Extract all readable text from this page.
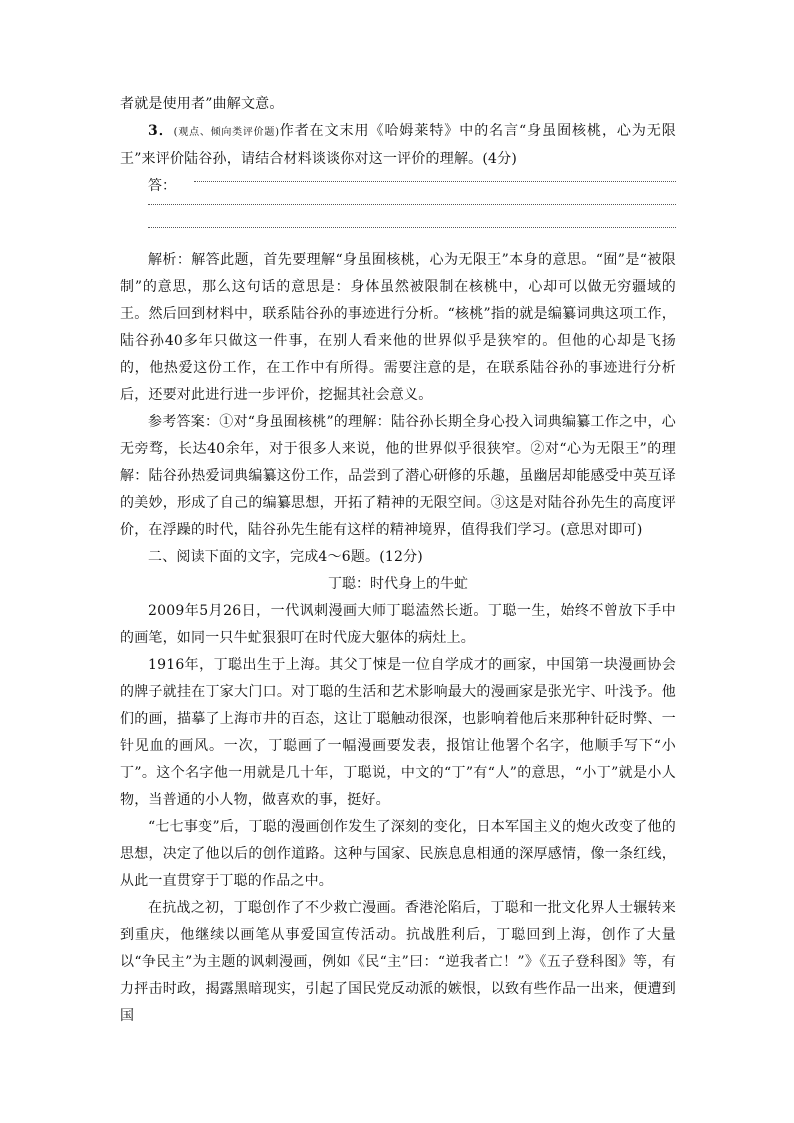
者就是使用者”曲解文意。

3．(观点、倾向类评价题)作者在文末用《哈姆莱特》中的名言“身虽囿核桃，心为无限王”来评价陆谷孙，请结合材料谈谈你对这一评价的理解。(4分)

答：

解析：解答此题，首先要理解“身虽囿核桃，心为无限王”本身的意思。“囿”是“被限制”的意思，那么这句话的意思是：身体虽然被限制在核桃中，心却可以做无穷疆域的王。然后回到材料中，联系陆谷孙的事迹进行分析。“核桃”指的就是编纂词典这项工作，陆谷孙40多年只做这一件事，在别人看来他的世界似乎是狭窄的。但他的心却是飞扬的，他热爱这份工作，在工作中有所得。需要注意的是，在联系陆谷孙的事迹进行分析后，还要对此进行进一步评价，挖掘其社会意义。

参考答案：①对“身虽囿核桃”的理解：陆谷孙长期全身心投入词典编纂工作之中，心无旁骛，长达40余年，对于很多人来说，他的世界似乎很狭窄。②对“心为无限王”的理解：陆谷孙热爱词典编纂这份工作，品尝到了潜心研修的乐趣，虽幽居却能感受中英互译的美妙，形成了自己的编纂思想，开拓了精神的无限空间。③这是对陆谷孙先生的高度评价，在浮躁的时代，陆谷孙先生能有这样的精神境界，值得我们学习。(意思对即可)

二、阅读下面的文字，完成4～6题。(12分)

丁聪：时代身上的牛虻

2009年5月26日，一代讽刺漫画大师丁聪溘然长逝。丁聪一生，始终不曾放下手中的画笔，如同一只牛虻狠狠叮在时代庞大躯体的病灶上。

1916年，丁聪出生于上海。其父丁悚是一位自学成才的画家，中国第一块漫画协会的牌子就挂在丁家大门口。对丁聪的生活和艺术影响最大的漫画家是张光宇、叶浅予。他们的画，描摹了上海市井的百态，这让丁聪触动很深，也影响着他后来那种针砭时弊、一针见血的画风。一次，丁聪画了一幅漫画要发表，报馆让他署个名字，他顺手写下“小丁”。这个名字他一用就是几十年，丁聪说，中文的“丁”有“人”的意思，“小丁”就是小人物，当普通的小人物，做喜欢的事，挺好。

“七七事变”后，丁聪的漫画创作发生了深刻的变化，日本军国主义的炮火改变了他的思想，决定了他以后的创作道路。这种与国家、民族息息相通的深厚感情，像一条红线，从此一直贯穿于丁聪的作品之中。

在抗战之初，丁聪创作了不少救亡漫画。香港沦陷后，丁聪和一批文化界人士辗转来到重庆，他继续以画笔从事爱国宣传活动。抗战胜利后，丁聪回到上海，创作了大量以“争民主”为主题的讽刺漫画，例如《民“主”曰：“逆我者亡！”》《五子登科图》等，有力抨击时政，揭露黑暗现实，引起了国民党反动派的嫉恨，以致有些作品一出来，便遭到国
